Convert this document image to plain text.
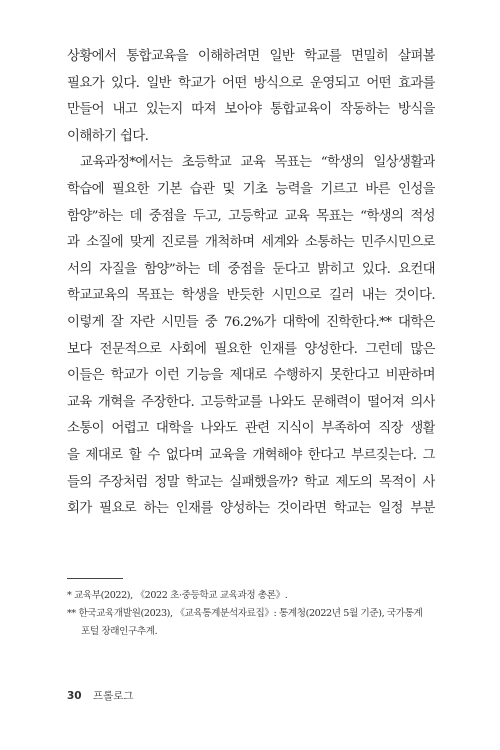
상황에서 통합교육을 이해하려면 일반 학교를 면밀히 살펴볼
필요가 있다. 일반 학교가 어떤 방식으로 운영되고 어떤 효과를
만들어 내고 있는지 따져 보아야 통합교육이 작동하는 방식을
이해하기 쉽다.
교육과정*에서는 초등학교 교육 목표는 “학생의 일상생활과
학습에 필요한 기본 습관 및 기초 능력을 기르고 바른 인성을
함양”하는 데 중점을 두고, 고등학교 교육 목표는 “학생의 적성
과 소질에 맞게 진로를 개척하며 세계와 소통하는 민주시민으로
서의 자질을 함양”하는 데 중점을 둔다고 밝히고 있다. 요컨대
학교교육의 목표는 학생을 반듯한 시민으로 길러 내는 것이다.
이렇게 잘 자란 시민들 중 76.2%가 대학에 진학한다.** 대학은
보다 전문적으로 사회에 필요한 인재를 양성한다. 그런데 많은
이들은 학교가 이런 기능을 제대로 수행하지 못한다고 비판하며
교육 개혁을 주장한다. 고등학교를 나와도 문해력이 떨어져 의사
소통이 어렵고 대학을 나와도 관련 지식이 부족하여 직장 생활
을 제대로 할 수 없다며 교육을 개혁해야 한다고 부르짖는다. 그
들의 주장처럼 정말 학교는 실패했을까? 학교 제도의 목적이 사
회가 필요로 하는 인재를 양성하는 것이라면 학교는 일정 부분
* 교육부(2022), 《2022 초·중등학교 교육과정 총론》.
** 한국교육개발원(2023), 《교육통계분석자료집》: 통계청(2022년 5월 기준), 국가통계
포털 장래인구추계.
30 프롤로그
